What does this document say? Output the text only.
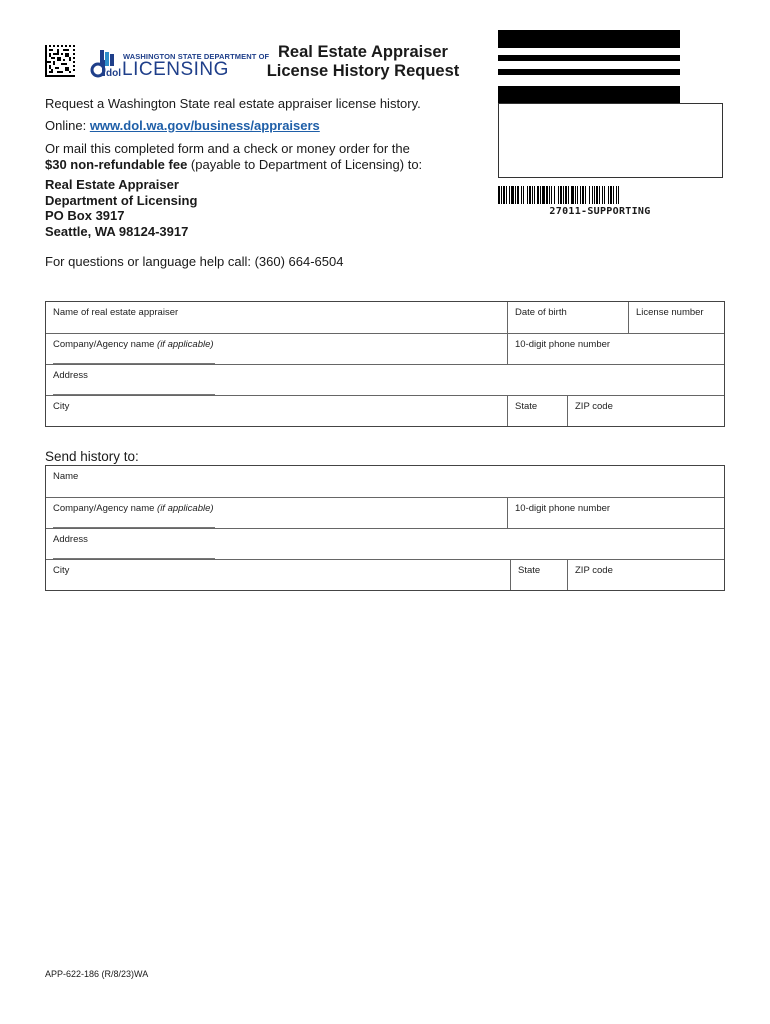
dol
WASHINGTON STATE DEPARTMENT OF
LICENSING
Real Estate Appraiser
License History Request
27011-SUPPORTING
Request a Washington State real estate appraiser license history.
Online: www.dol.wa.gov/business/appraisers
Or mail this completed form and a check or money order for the
$30 non-refundable fee (payable to Department of Licensing) to:
Real Estate Appraiser
Department of Licensing
PO Box 3917
Seattle, WA 98124-3917
For questions or language help call: (360) 664-6504
Name of real estate appraiser	Date of birth	License number
Company/Agency name (if applicable)	10-digit phone number
Address
City	State	ZIP code
Send history to:
Name
Company/Agency name (if applicable)	10-digit phone number
Address
City	State	ZIP code
APP-622-186 (R/8/23)WA
